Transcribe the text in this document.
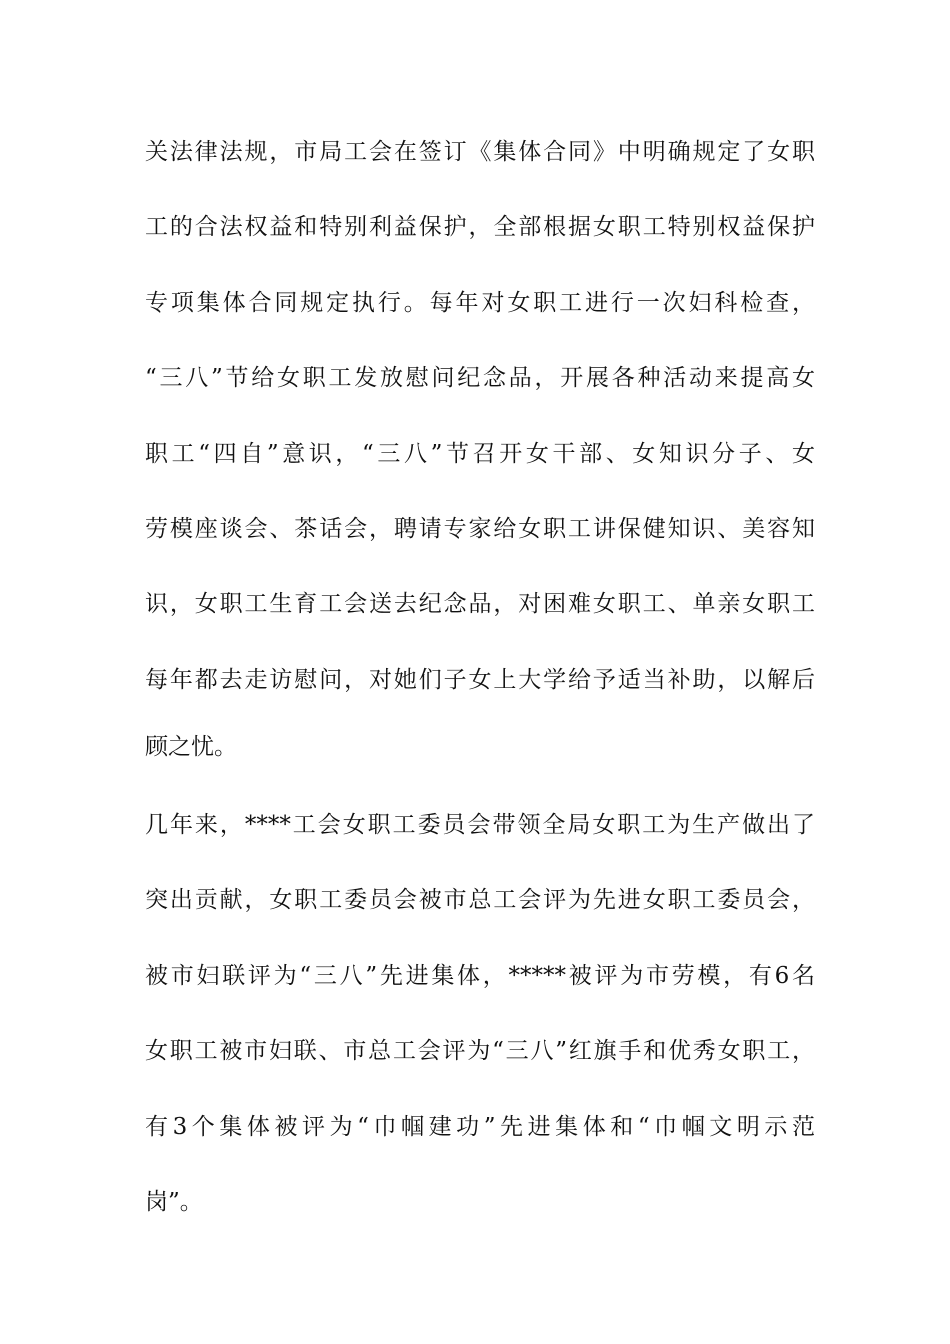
关法律法规，市局工会在签订《集体合同》中明确规定了女职
工的合法权益和特别利益保护，全部根据女职工特别权益保护
专项集体合同规定执行。每年对女职工进行一次妇科检查，
“三八”节给女职工发放慰问纪念品，开展各种活动来提高女
职工“四自”意识，“三八”节召开女干部、女知识分子、女
劳模座谈会、茶话会，聘请专家给女职工讲保健知识、美容知
识，女职工生育工会送去纪念品，对困难女职工、单亲女职工
每年都去走访慰问，对她们子女上大学给予适当补助，以解后
顾之忧。
几年来，****工会女职工委员会带领全局女职工为生产做出了
突出贡献，女职工委员会被市总工会评为先进女职工委员会，
被市妇联评为“三八”先进集体，*****被评为市劳模，有6名
女职工被市妇联、市总工会评为“三八”红旗手和优秀女职工，
有3个集体被评为“巾帼建功”先进集体和“巾帼文明示范
岗”。
